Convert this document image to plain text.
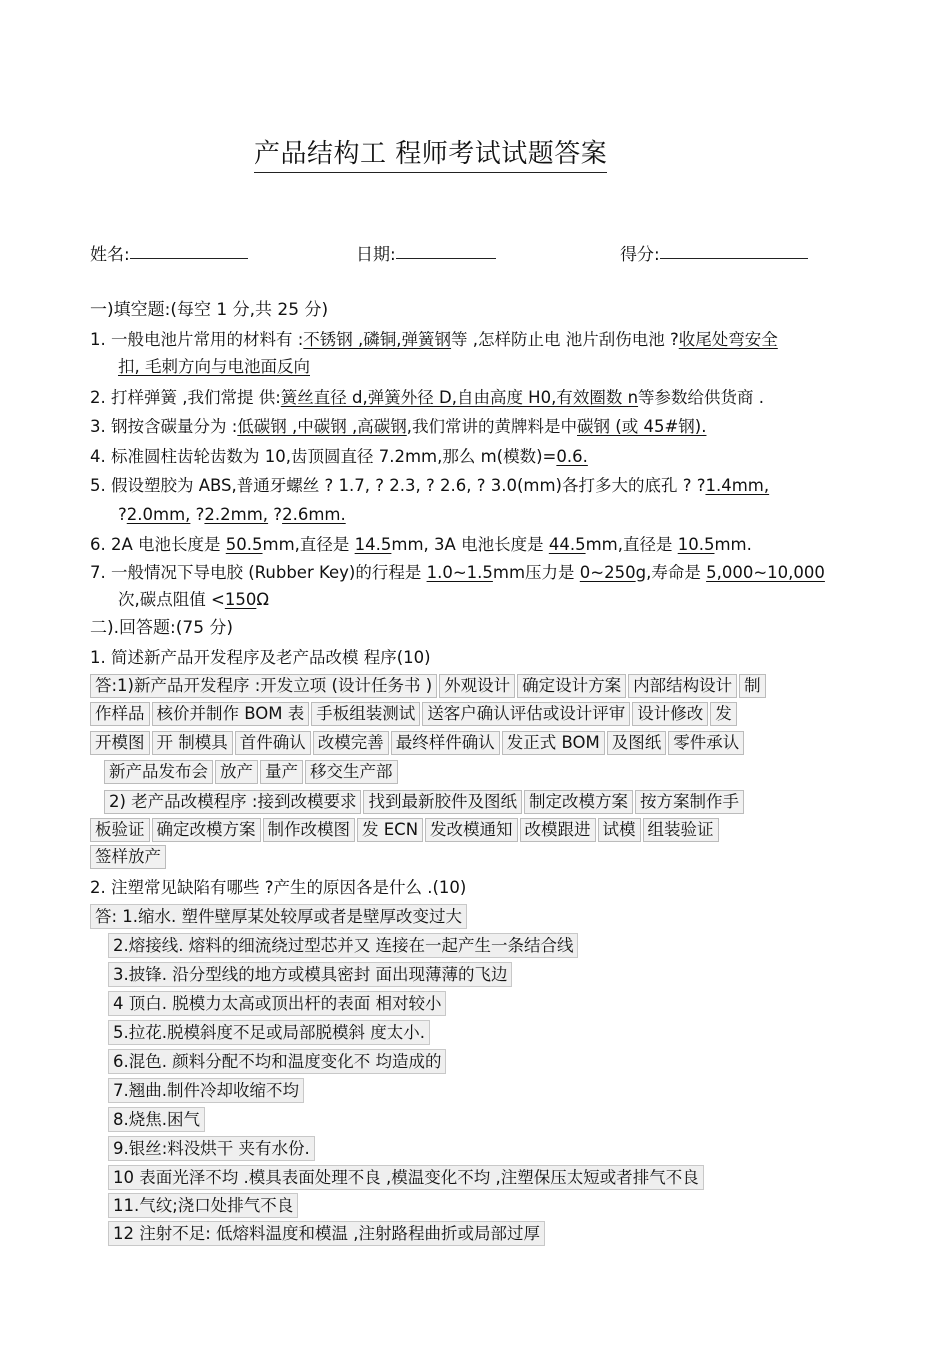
产品结构工 程师考试试题答案
姓名:	日期:	得分:
一)填空题:(每空 1 分,共 25 分)
1. 一般电池片常用的材料有 :不锈钢 ,磷铜,弹簧钢等 ,怎样防止电 池片刮伤电池 ?收尾处弯安全
扣, 毛刺方向与电池面反向
2. 打样弹簧 ,我们常提 供:簧丝直径 d,弹簧外径 D,自由高度 H0,有效圈数 n等参数给供货商 .
3. 钢按含碳量分为 :低碳钢 ,中碳钢 ,高碳钢,我们常讲的黄牌料是中碳钢 (或 45#钢).
4. 标准圆柱齿轮齿数为 10,齿顶圆直径 7.2mm,那么 m(模数)=0.6.
5. 假设塑胶为 ABS,普通牙螺丝 ? 1.7, ? 2.3, ? 2.6, ? 3.0(mm)各打多大的底孔 ? ?1.4mm,
?2.0mm, ?2.2mm, ?2.6mm.
6. 2A 电池长度是 50.5mm,直径是 14.5mm, 3A 电池长度是 44.5mm,直径是 10.5mm.
7. 一般情况下导电胶 (Rubber Key)的行程是 1.0~1.5mm压力是 0~250g,寿命是 5,000~10,000
次,碳点阻值 <150Ω
二).回答题:(75 分)
1. 简述新产品开发程序及老产品改模 程序(10)
答:1)新产品开发程序 :开发立项 (设计任务书 ) 外观设计 确定设计方案 内部结构设计 制
作样品 核价并制作 BOM 表 手板组装测试 送客户确认评估或设计评审 设计修改 发
开模图 开 制模具 首件确认 改模完善 最终样件确认 发正式 BOM 及图纸 零件承认
新产品发布会 放产 量产 移交生产部
2) 老产品改模程序 :接到改模要求 找到最新胶件及图纸 制定改模方案 按方案制作手
板验证 确定改模方案 制作改模图 发 ECN 发改模通知 改模跟进 试模 组装验证
签样放产
2. 注塑常见缺陷有哪些 ?产生的原因各是什么 .(10)
答: 1.缩水. 塑件壁厚某处较厚或者是壁厚改变过大
2.熔接线. 熔料的细流绕过型芯并又 连接在一起产生一条结合线
3.披锋. 沿分型线的地方或模具密封 面出现薄薄的飞边
4 顶白. 脱模力太高或顶出杆的表面 相对较小
5.拉花.脱模斜度不足或局部脱模斜 度太小.
6.混色. 颜料分配不均和温度变化不 均造成的
7.翘曲.制件冷却收缩不均
8.烧焦.困气
9.银丝:料没烘干 夹有水份.
10 表面光泽不均 .模具表面处理不良 ,模温变化不均 ,注塑保压太短或者排气不良
11.气纹;浇口处排气不良
12 注射不足: 低熔料温度和模温 ,注射路程曲折或局部过厚
